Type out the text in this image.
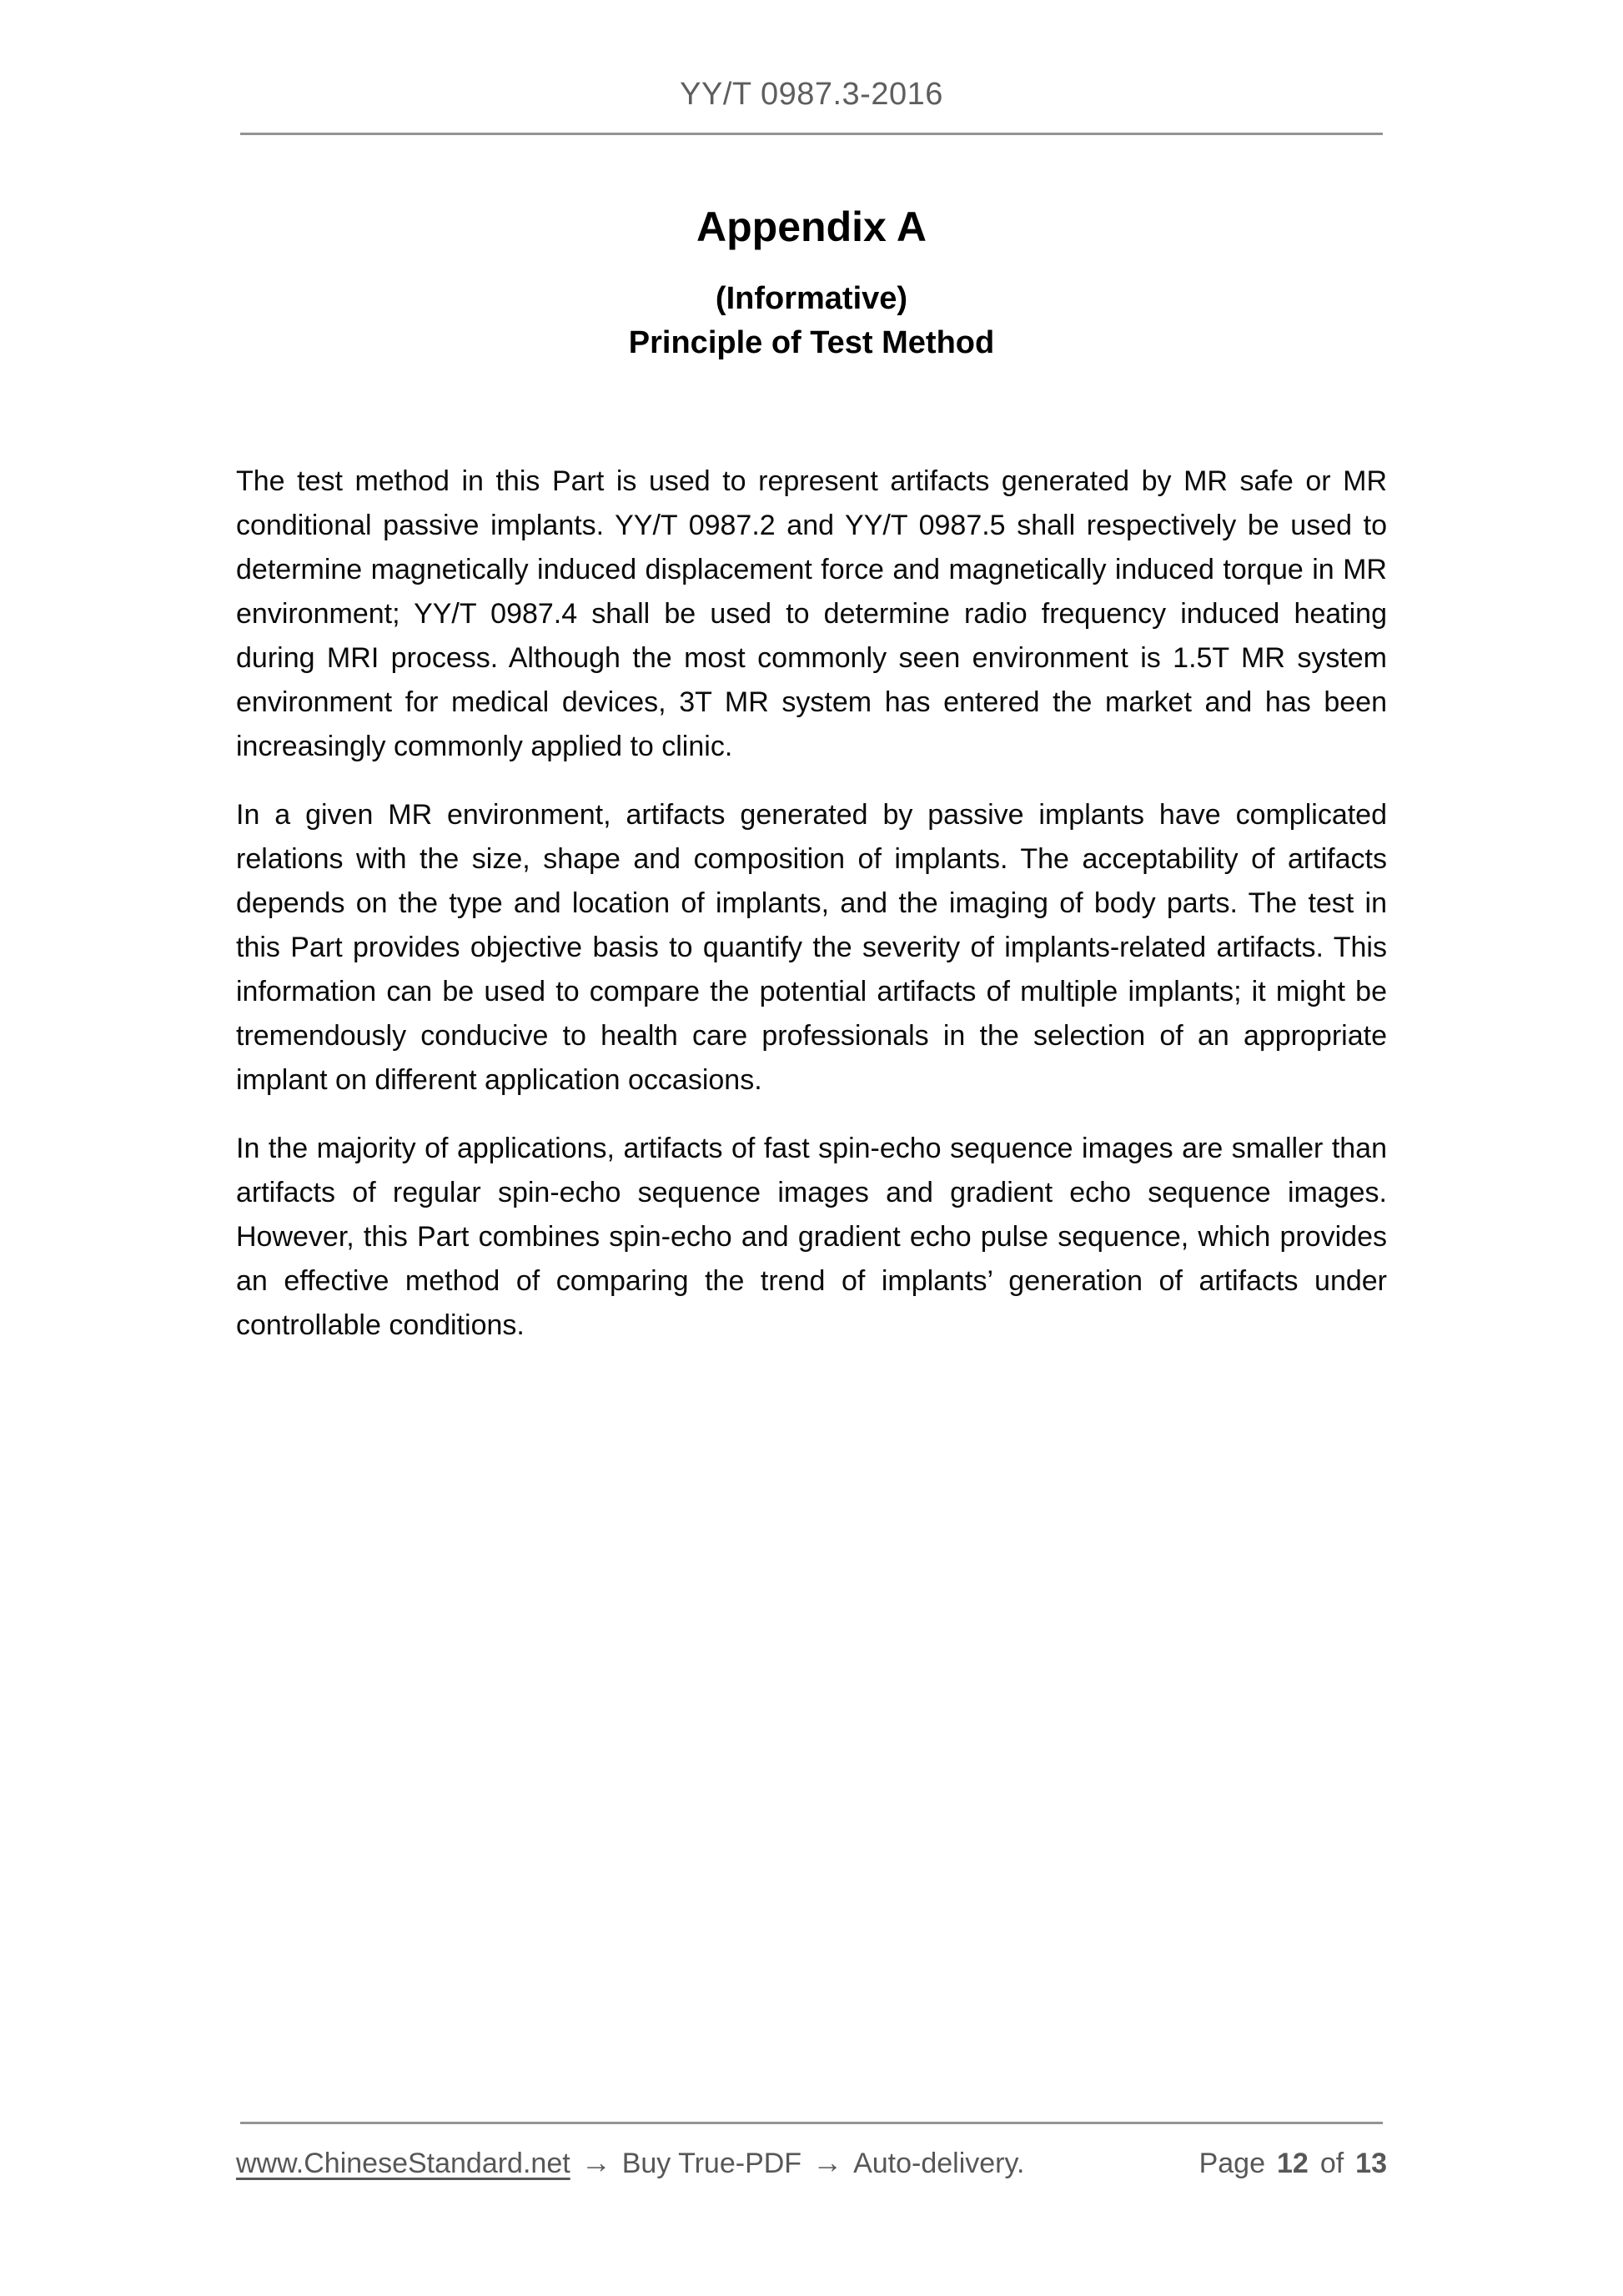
YY/T 0987.3-2016
Appendix A
(Informative)
Principle of Test Method

The test method in this Part is used to represent artifacts generated by MR safe or MR conditional passive implants. YY/T 0987.2 and YY/T 0987.5 shall respectively be used to determine magnetically induced displacement force and magnetically induced torque in MR environment; YY/T 0987.4 shall be used to determine radio frequency induced heating during MRI process. Although the most commonly seen environment is 1.5T MR system environment for medical devices, 3T MR system has entered the market and has been increasingly commonly applied to clinic.

In a given MR environment, artifacts generated by passive implants have complicated relations with the size, shape and composition of implants. The acceptability of artifacts depends on the type and location of implants, and the imaging of body parts. The test in this Part provides objective basis to quantify the severity of implants-related artifacts. This information can be used to compare the potential artifacts of multiple implants; it might be tremendously conducive to health care professionals in the selection of an appropriate implant on different application occasions.

In the majority of applications, artifacts of fast spin-echo sequence images are smaller than artifacts of regular spin-echo sequence images and gradient echo sequence images. However, this Part combines spin-echo and gradient echo pulse sequence, which provides an effective method of comparing the trend of implants’ generation of artifacts under controllable conditions.

www.ChineseStandard.net → Buy True-PDF → Auto-delivery.	Page 12 of 13
